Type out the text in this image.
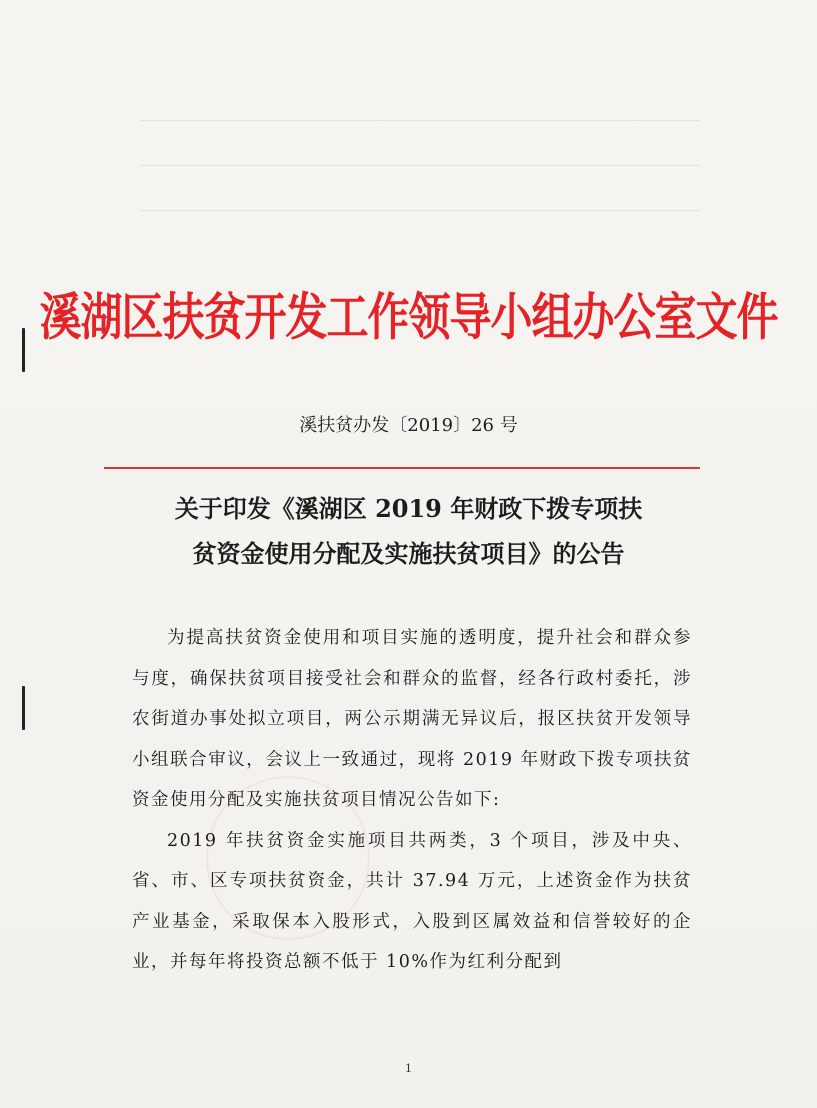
溪湖区扶贫开发工作领导小组办公室文件
溪扶贫办发〔2019〕26 号
关于印发《溪湖区 2019 年财政下拨专项扶
贫资金使用分配及实施扶贫项目》的公告

为提高扶贫资金使用和项目实施的透明度，提升社会和群众参与度，确保扶贫项目接受社会和群众的监督，经各行政村委托，涉农街道办事处拟立项目，两公示期满无异议后，报区扶贫开发领导小组联合审议，会议上一致通过，现将 2019 年财政下拨专项扶贫资金使用分配及实施扶贫项目情况公告如下:

2019 年扶贫资金实施项目共两类，3 个项目，涉及中央、省、市、区专项扶贫资金，共计 37.94 万元，上述资金作为扶贫产业基金，采取保本入股形式，入股到区属效益和信誉较好的企业，并每年将投资总额不低于 10%作为红利分配到

1
